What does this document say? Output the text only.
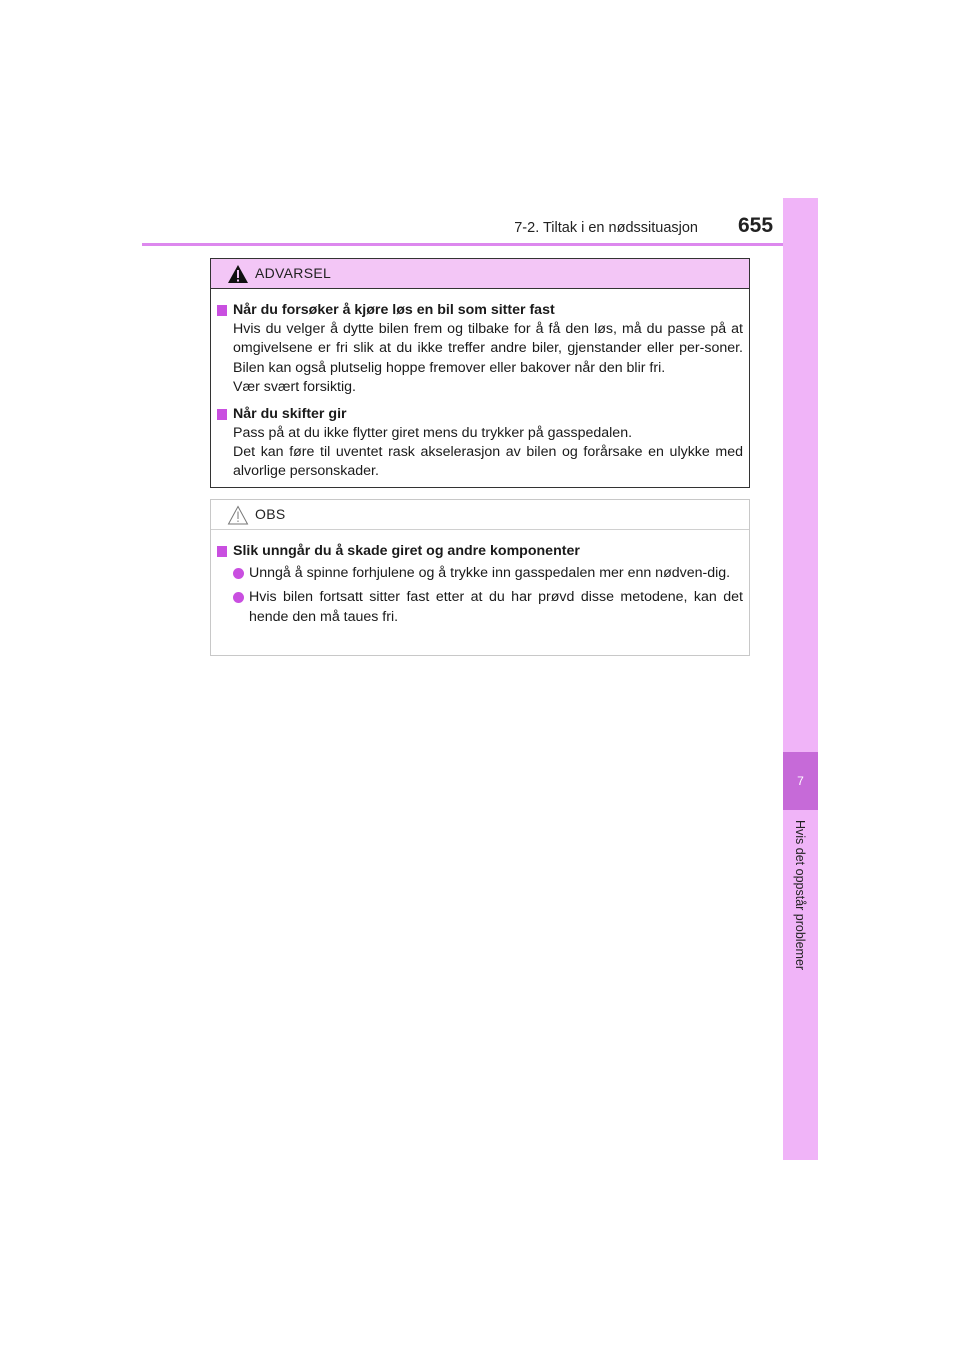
7-2. Tiltak i en nødssituasjon 655
7
Hvis det oppstår problemer
ADVARSEL
Når du forsøker å kjøre løs en bil som sitter fast
Hvis du velger å dytte bilen frem og tilbake for å få den løs, må du passe på at omgivelsene er fri slik at du ikke treffer andre biler, gjenstander eller per-soner. Bilen kan også plutselig hoppe fremover eller bakover når den blir fri.
Vær svært forsiktig.
Når du skifter gir
Pass på at du ikke flytter giret mens du trykker på gasspedalen.
Det kan føre til uventet rask akselerasjon av bilen og forårsake en ulykke med alvorlige personskader.
OBS
Slik unngår du å skade giret og andre komponenter
Unngå å spinne forhjulene og å trykke inn gasspedalen mer enn nødven-dig.
Hvis bilen fortsatt sitter fast etter at du har prøvd disse metodene, kan det hende den må taues fri.
